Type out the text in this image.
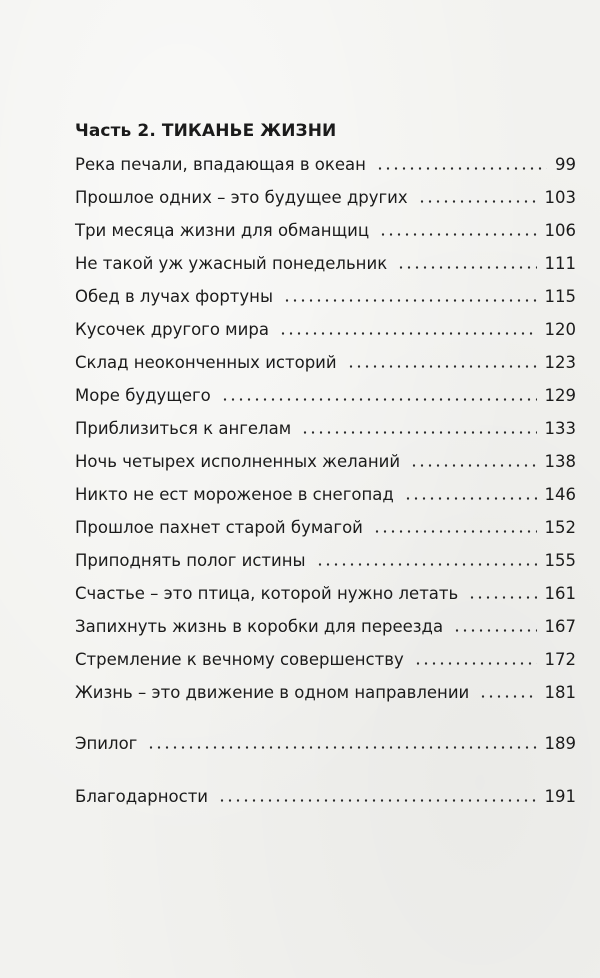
Часть 2. ТИКАНЬЕ ЖИЗНИ
Река печали, впадающая в океан	99
Прошлое одних – это будущее других	103
Три месяца жизни для обманщиц	106
Не такой уж ужасный понедельник	111
Обед в лучах фортуны	115
Кусочек другого мира	120
Склад неоконченных историй	123
Море будущего	129
Приблизиться к ангелам	133
Ночь четырех исполненных желаний	138
Никто не ест мороженое в снегопад	146
Прошлое пахнет старой бумагой	152
Приподнять полог истины	155
Счастье – это птица, которой нужно летать	161
Запихнуть жизнь в коробки для переезда	167
Стремление к вечному совершенству	172
Жизнь – это движение в одном направлении	181
Эпилог	189
Благодарности	191
